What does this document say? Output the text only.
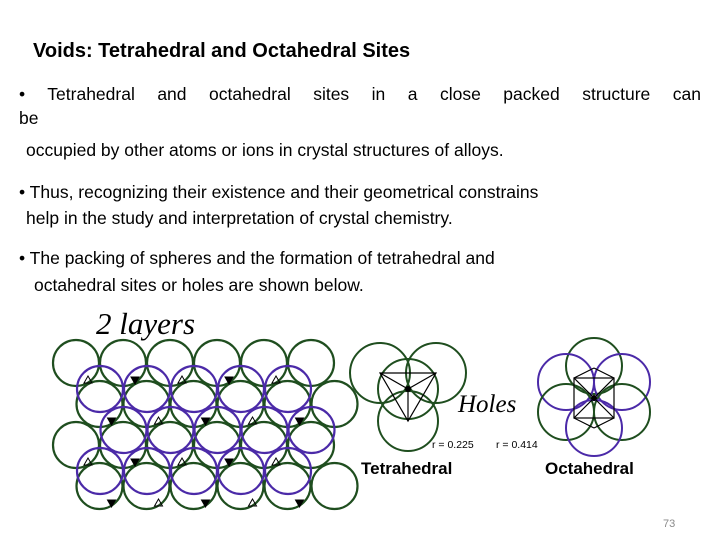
Voids: Tetrahedral and Octahedral Sites
• Tetrahedral and octahedral sites in a close packed structure can
be
occupied by other atoms or ions in crystal structures of alloys.
• Thus, recognizing their existence and their geometrical constrains
help in the study and interpretation of crystal chemistry.
• The packing of spheres and the formation of tetrahedral and
octahedral sites or holes are shown below.
2 layers
Holes
r = 0.225 r = 0.414
Tetrahedral	Octahedral
73
